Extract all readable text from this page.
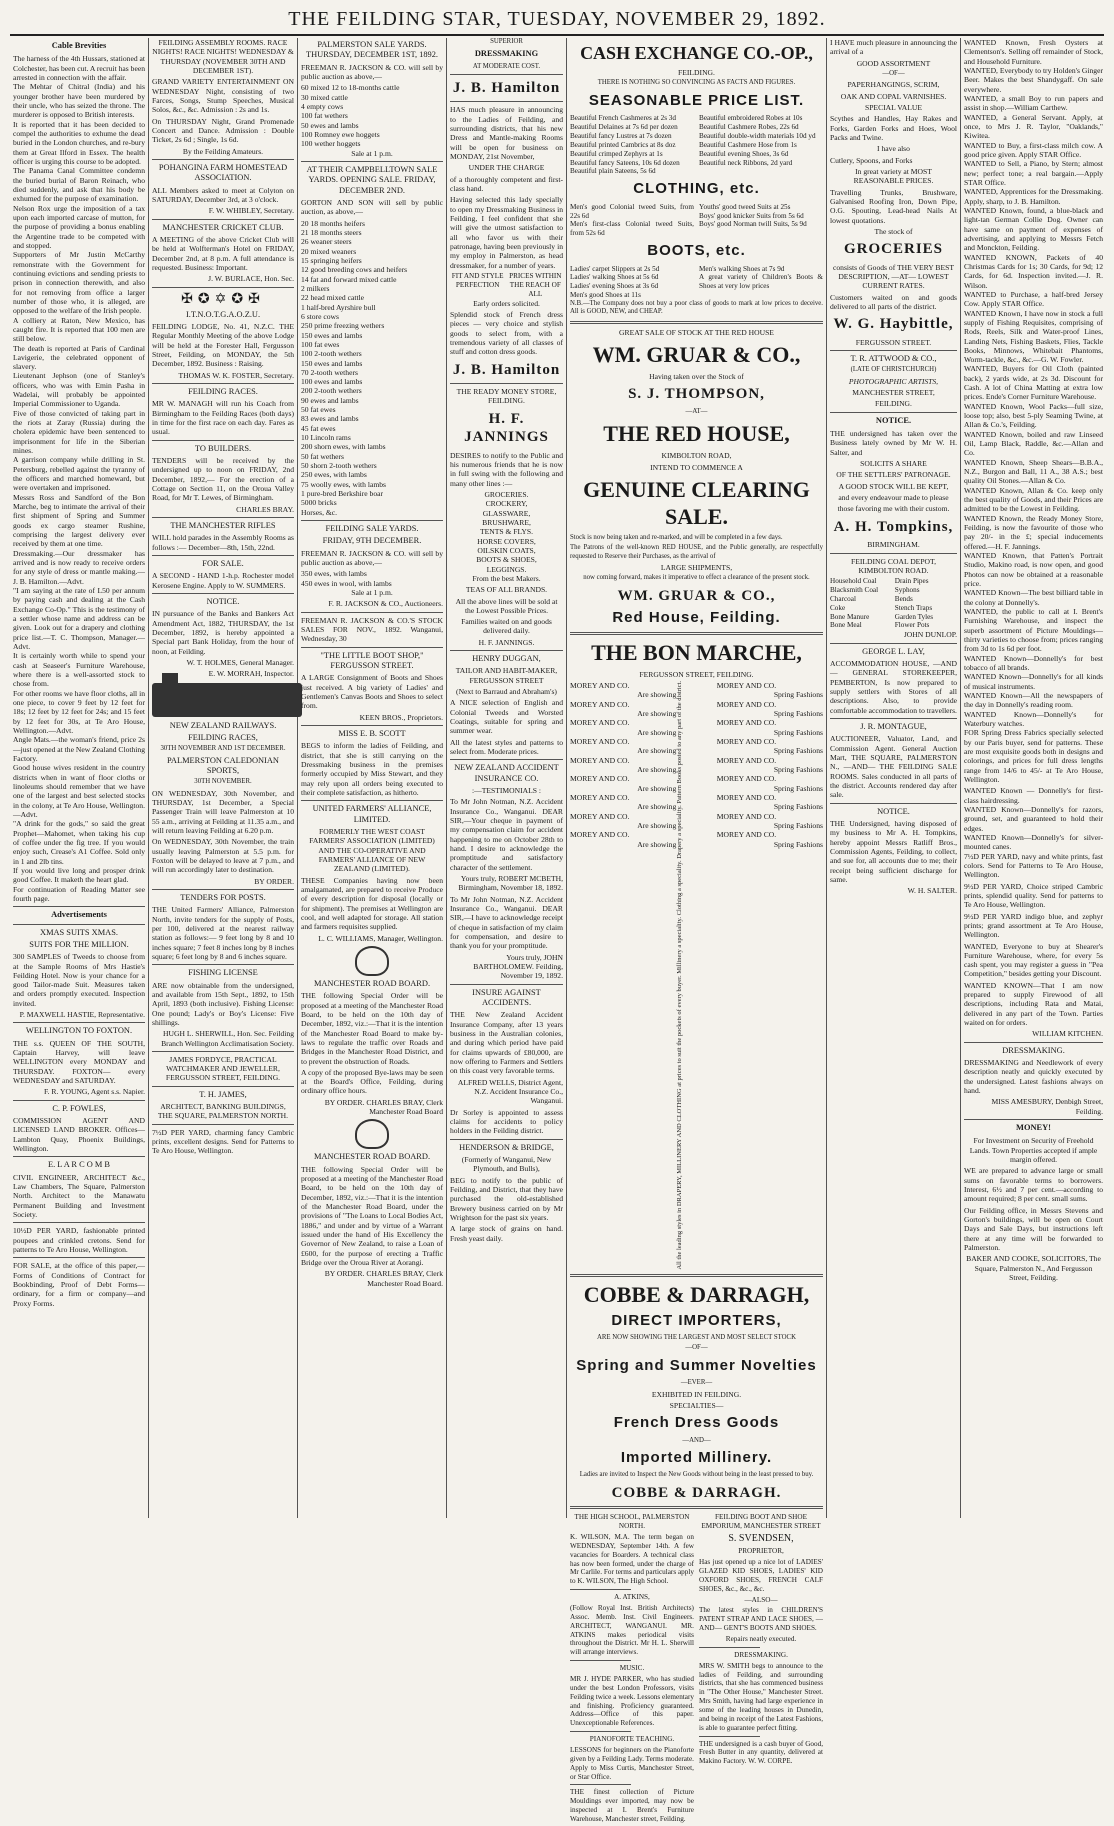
THE FEILDING STAR, TUESDAY, NOVEMBER 29, 1892.
Cable Brevities

The harness of the 4th Hussars, stationed at Colchester, has been cut. A recruit has been arrested in connection with the affair.

The Mehtar of Chitral (India) and his younger brother have been murdered by their uncle, who has seized the throne. The murderer is opposed to British interests.

It is reported that it has been decided to compel the authorities to exhume the dead buried in the London churches, and re-bury them at Great Ilford in Essex. The health officer is urging this course to be adopted.

The Panama Canal Committee condemn the buried burial of Baron Reinach, who died suddenly, and ask that his body be exhumed for the purpose of examination.

Nelson Rox urge the imposition of a tax upon each imported carcase of mutton, for the purpose of providing a bonus enabling the Argentine trade to be competed with and stopped.

Supporters of Mr Justin McCarthy remonstrate with the Government for continuing evictions and sending priests to prison in connection therewith, and also for not removing from office a larger number of those who, it is alleged, are opposed to the welfare of the Irish people.

A colliery at Raton, New Mexico, has caught fire. It is reported that 100 men are still below.

The death is reported at Paris of Cardinal Lavigerie, the celebrated opponent of slavery.

Lieutenant Jephson (one of Stanley's officers, who was with Emin Pasha in Wadelai, will probably be appointed Imperial Commissioner to Uganda.

Five of those convicted of taking part in the riots at Zaray (Russia) during the cholera epidemic have been sentenced to imprisonment for life in the Siberian mines.

A garrison company while drilling in St. Petersburg, rebelled against the tyranny of the officers and marched homeward, but were overtaken and imprisoned.

Messrs Ross and Sandford of the Bon Marche, beg to intimate the arrival of their first shipment of Spring and Summer goods ex cargo steamer Rushine, comprising the largest delivery ever received by them at one time.

Dressmaking.—Our dressmaker has arrived and is now ready to receive orders for any style of dress or mantle making.—J. B. Hamilton.—Advt.

"I am saying at the rate of L50 per annum by paying cash and dealing at the Cash Exchange Co-Op." This is the testimony of a settler whose name and address can be given. Look out for a drapery and clothing price list.—T. C. Thompson, Manager.—Advt.

It is certainly worth while to spend your cash at Seaseer's Furniture Warehouse, where there is a well-assorted stock to chose from.

For other rooms we have floor cloths, all in one piece, to cover 9 feet by 12 feet for 18s; 12 feet by 12 feet for 24s; and 15 feet by 12 feet for 30s, at Te Aro House, Wellington.—Advt.

Angle Mats.—the woman's friend, price 2s—just opened at the New Zealand Clothing Factory.

Good house wives resident in the country districts when in want of floor cloths or linoleums should remember that we have one of the largest and best selected stocks in the colony, at Te Aro House, Wellington.—Advt.

"A drink for the gods," so said the great Prophet—Mahomet, when taking his cup of coffee under the fig tree. If you would enjoy such, Crease's A1 Coffee. Sold only in 1 and 2lb tins.

If you would live long and prosper drink good Coffee. It maketh the heart glad.

For continuation of Reading Matter see fourth page.

Advertisements
XMAS SUITS XMAS.
SUITS FOR THE MILLION.

300 SAMPLES of Tweeds to choose from at the Sample Rooms of Mrs Hastie's Feilding Hotel. Now is your chance for a good Tailor-made Suit. Measures taken and orders promptly executed. Inspection invited.

P. MAXWELL HASTIE, Representative.

WELLINGTON TO FOXTON.

THE s.s. QUEEN OF THE SOUTH, Captain Harvey, will leave WELLINGTON every MONDAY and THURSDAY. FOXTON— every WEDNESDAY and SATURDAY.

F. R. YOUNG, Agent s.s. Napier.

C. P. FOWLES,

COMMISSION AGENT AND LICENSED LAND BROKER. Offices—Lambton Quay, Phoenix Buildings, Wellington.

E. L A R C O M B

CIVIL ENGINEER, ARCHITECT &c., Law Chambers, The Square, Palmerston North. Architect to the Manawatu Permanent Building and Investment Society.

10½D PER YARD, fashionable printed poupees and crinkled cretons. Send for patterns to Te Aro House, Wellington.

FOR SALE, at the office of this paper,—Forms of Conditions of Contract for Bookbinding, Proof of Debt Forms—ordinary, for a firm or company—and Proxy Forms.

FEILDING ASSEMBLY ROOMS. RACE NIGHTS! RACE NIGHTS! WEDNESDAY & THURSDAY (NOVEMBER 30TH AND DECEMBER 1ST).

GRAND VARIETY ENTERTAINMENT ON WEDNESDAY Night, consisting of two Farces, Songs, Stump Speeches, Musical Solos, &c., &c. Admission : 2s and 1s.

On THURSDAY Night, Grand Promenade Concert and Dance. Admission : Double Ticket, 2s 6d ; Single, 1s 6d.

By the Feilding Amateurs.

POHANGINA FARM HOMESTEAD ASSOCIATION.

ALL Members asked to meet at Colyton on SATURDAY, December 3rd, at 3 o'clock.

F. W. WHIBLEY, Secretary.

MANCHESTER CRICKET CLUB.

A MEETING of the above Cricket Club will be held at Wolfterman's Hotel on FRIDAY, December 2nd, at 8 p.m. A full attendance is requested. Business: Important.

J. W. BURLACE, Hon. Sec.

✠✪✡✪✠
I.T.N.O.T.G.A.O.Z.U.

FEILDING LODGE, No. 41, N.Z.C. THE Regular Monthly Meeting of the above Lodge will be held at the Forester Hall, Fergusson Street, Feilding, on MONDAY, the 5th December, 1892. Business : Raising.

THOMAS W. K. FOSTER, Secretary.

FEILDING RACES.

MR W. MANAGH will run his Coach from Birmingham to the Feilding Races (both days) in time for the first race on each day. Fares as usual.

TO BUILDERS.

TENDERS will be received by the undersigned up to noon on FRIDAY, 2nd December, 1892,— For the erection of a Cottage on Section 11, on the Oroua Valley Road, for Mr T. Lewes, of Birmingham.

CHARLES BRAY.

THE MANCHESTER RIFLES

WILL hold parades in the Assembly Rooms as follows :— December—8th, 15th, 22nd.

FOR SALE.

A SECOND - HAND 1-h.p. Rochester model Kerosene Engine. Apply to W. SUMMERS.

NOTICE.

IN pursuance of the Banks and Bankers Act Amendment Act, 1882, THURSDAY, the 1st December, 1892, is hereby appointed a Special part Bank Holiday, from the hour of noon, at Feilding.

W. T. HOLMES, General Manager.

E. W. MORRAH, Inspector.

NEW ZEALAND RAILWAYS.
FEILDING RACES,

30TH NOVEMBER AND 1ST DECEMBER.

PALMERSTON CALEDONIAN SPORTS,

30TH NOVEMBER.

ON WEDNESDAY, 30th November, and THURSDAY, 1st December, a Special Passenger Train will leave Palmerston at 10 55 a.m., arriving at Feilding at 11.35 a.m., and will return leaving Feilding at 6.20 p.m.

On WEDNESDAY, 30th November, the train usually leaving Palmerston at 5.5 p.m. for Foxton will be delayed to leave at 7 p.m., and will run accordingly later to destination.

BY ORDER.

TENDERS FOR POSTS.

THE United Farmers' Alliance, Palmerston North, invite tenders for the supply of Posts, per 100, delivered at the nearest railway station as follows:— 9 feet long by 8 and 10 inches square; 7 feet 8 inches long by 8 inches square; 6 feet long by 8 and 6 inches square.

FISHING LICENSE

ARE now obtainable from the undersigned, and available from 15th Sept., 1892, to 15th April, 1893 (both inclusive). Fishing License: One pound; Lady's or Boy's License: Five shillings.

HUGH L. SHERWILL, Hon. Sec. Feilding Branch Wellington Acclimatisation Society.

JAMES FORDYCE, PRACTICAL WATCHMAKER AND JEWELLER, FERGUSSON STREET, FEILDING.

T. H. JAMES,

ARCHITECT, BANKING BUILDINGS, THE SQUARE, PALMERSTON NORTH.

7½D PER YARD, charming fancy Cambric prints, excellent designs. Send for Patterns to Te Aro House, Wellington.

PALMERSTON SALE YARDS. THURSDAY, DECEMBER 1ST, 1892.

FREEMAN R. JACKSON & CO. will sell by public auction as above,—

60 mixed 12 to 18-months cattle

30 mixed cattle

4 empty cows

100 fat wethers

50 ewes and lambs

100 Romney ewe hoggets

100 wether hoggets

Sale at 1 p.m.

AT THEIR CAMPBELLTOWN SALE YARDS. OPENING SALE. FRIDAY, DECEMBER 2ND.

GORTON AND SON will sell by public auction, as above,—

20 18 months heifers

21 18 months steers

26 weaner steers

20 mixed weaners

15 springing heifers

12 good breeding cows and heifers

14 fat and forward mixed cattle

2 milkers

22 head mixed cattle

1 half-bred Ayrshire bull

6 store cows

250 prime freezing wethers

150 ewes and lambs

100 fat ewes

100 2-tooth wethers

150 ewes and lambs

70 2-tooth wethers

100 ewes and lambs

200 2-tooth wethers

90 ewes and lambs

50 fat ewes

83 ewes and lambs

45 fat ewes

10 Lincoln rams

200 shorn ewes, with lambs

50 fat wethers

50 shorn 2-tooth wethers

250 ewes, with lambs

75 woolly ewes, with lambs

1 pure-bred Berkshire boar

5000 bricks

Horses, &c.

FEILDING SALE YARDS.
FRIDAY, 9TH DECEMBER.

FREEMAN R. JACKSON & CO. will sell by public auction as above,—

350 ewes, with lambs

450 ewes in wool, with lambs

Sale at 1 p.m.

F. R. JACKSON & CO., Auctioneers.

FREEMAN R. JACKSON & CO.'S STOCK SALES FOR NOV., 1892. Wanganui, Wednesday, 30

"THE LITTLE BOOT SHOP," FERGUSSON STREET.

A LARGE Consignment of Boots and Shoes just received. A big variety of Ladies' and Gentlemen's Canvas Boots and Shoes to select from.

KEEN BROS., Proprietors.

MISS E. B. SCOTT

BEGS to inform the ladies of Feilding, and district, that she is still carrying on the Dressmaking business in the premises formerly occupied by Miss Stewart, and they may rely upon all orders being executed to their complete satisfaction, as hitherto.

UNITED FARMERS' ALLIANCE, LIMITED.

FORMERLY THE WEST COAST FARMERS' ASSOCIATION (LIMITED) AND THE CO-OPERATIVE AND FARMERS' ALLIANCE OF NEW ZEALAND (LIMITED).

THESE Companies having now been amalgamated, are prepared to receive Produce of every description for disposal (locally or for shipment). The premises at Wellington are cool, and well adapted for storage. All station and farmers requisites supplied.

L. C. WILLIAMS, Manager, Wellington.

MANCHESTER ROAD BOARD.

THE following Special Order will be proposed at a meeting of the Manchester Road Board, to be held on the 10th day of December, 1892, viz.:—That it is the intention of the Manchester Road Board to make by-laws to regulate the traffic over Roads and Bridges in the Manchester Road District, and to prevent the obstruction of Roads.

A copy of the proposed Bye-laws may be seen at the Board's Office, Feilding, during ordinary office hours.

BY ORDER. CHARLES BRAY, Clerk Manchester Road Board

MANCHESTER ROAD BOARD.

THE following Special Order will be proposed at a meeting of the Manchester Road Board, to be held on the 10th day of December, 1892, viz.:—That it is the intention of the Manchester Road Board, under the provisions of "The Loans to Local Bodies Act, 1886," and under and by virtue of a Warrant issued under the hand of His Excellency the Governor of New Zealand, to raise a Loan of £600, for the purpose of erecting a Traffic Bridge over the Oroua River at Aorangi.

BY ORDER. CHARLES BRAY, Clerk Manchester Road Board.

SUPERIOR

DRESSMAKING

AT MODERATE COST.

J. B. Hamilton

HAS much pleasure in announcing to the Ladies of Feilding, and surrounding districts, that his new Dress and Mantle-making Rooms will be open for business on MONDAY, 21st November,

UNDER THE CHARGE

of a thoroughly competent and first-class hand.

Having selected this lady specially to open my Dressmaking Business in Feilding, I feel confident that she will give the utmost satisfaction to all who favor us with their patronage, having been previously in my employ in Palmerston, as head dressmaker, for a number of years.

FIT AND STYLE PERFECTION
PRICES WITHIN THE REACH OF ALL

Early orders solicited.

Splendid stock of French dress pieces — very choice and stylish goods to select from, with a tremendous variety of all classes of stuff and cotton dress goods.

J. B. Hamilton

THE READY MONEY STORE, FEILDING.

H. F. JANNINGS

DESIRES to notify to the Public and his numerous friends that he is now in full swing with the following and many other lines :—

GROCERIES.

CROCKERY,

GLASSWARE,

BRUSHWARE,

TENTS & FLYS.

HORSE COVERS,

OILSKIN COATS,

BOOTS & SHOES,

LEGGINGS.

From the best Makers.

TEAS OF ALL BRANDS.

All the above lines will be sold at the Lowest Possible Prices.

Families waited on and goods delivered daily.

H. F. JANNINGS.

HENRY DUGGAN,

TAILOR AND HABIT-MAKER, FERGUSSON STREET

(Next to Barraud and Abraham's)

A NICE selection of English and Colonial Tweeds and Worsted Coatings, suitable for spring and summer wear.

All the latest styles and patterns to select from. Moderate prices.

NEW ZEALAND ACCIDENT INSURANCE CO.

:—TESTIMONIALS :

To Mr John Notman, N.Z. Accident Insurance Co., Wanganui. DEAR SIR,—Your cheque in payment of my compensation claim for accident happening to me on October 28th to hand. I desire to acknowledge the promptitude and satisfactory character of the settlement.

Yours truly, ROBERT MCBETH, Birmingham, November 18, 1892.

To Mr John Notman, N.Z. Accident Insurance Co., Wanganui. DEAR SIR,—I have to acknowledge receipt of cheque in satisfaction of my claim for compensation, and desire to thank you for your promptitude.

Yours truly, JOHN BARTHOLOMEW. Feilding, November 19, 1892.

INSURE AGAINST ACCIDENTS.

THE New Zealand Accident Insurance Company, after 13 years business in the Australian colonies, and during which period have paid for claims upwards of £80,000, are now offering to Farmers and Settlers on this coast very favorable terms.

ALFRED WELLS, District Agent, N.Z. Accident Insurance Co., Wanganui.

Dr Sorley is appointed to assess claims for accidents to policy holders in the Feilding district.

HENDERSON & BRIDGE,

(Formerly of Wanganui, New Plymouth, and Bulls),

BEG to notify to the public of Feilding, and District, that they have purchased the old-established Brewery business carried on by Mr Wrightson for the past six years.

A large stock of grains on hand. Fresh yeast daily.

CASH EXCHANGE CO.-OP.,

FEILDING.

THERE IS NOTHING SO CONVINCING AS FACTS AND FIGURES.

SEASONABLE PRICE LIST.

Beautiful French Cashmeres at 2s 3d

Beautiful Delaines at 7s 6d per dozen

Beautiful fancy Lustres at 7s dozen

Beautiful printed Cambrics at 8s doz

Beautiful crimped Zephyrs at 1s

Beautiful fancy Sateens, 10s 6d dozen

Beautiful plain Sateens, 5s 6d

Beautiful embroidered Robes at 10s

Beautiful Cashmere Robes, 22s 6d

Beautiful double-width materials 10d yd

Beautiful Cashmere Hose from 1s

Beautiful evening Shoes, 3s 6d

Beautiful neck Ribbons, 2d yard

CLOTHING, etc.

Men's good Colonial tweed Suits, from 22s 6d

Men's first-class Colonial tweed Suits, from 52s 6d

Youths' good tweed Suits at 25s

Boys' good knicker Suits from 5s 6d

Boys' good Norman twill Suits, 5s 9d

BOOTS, etc.

Ladies' carpet Slippers at 2s 5d

Ladies' walking Shoes at 5s 6d

Ladies' evening Shoes at 3s 6d

Men's good Shoes at 11s

Men's walking Shoes at 7s 9d

A great variety of Children's Boots & Shoes at very low prices

N.B.—The Company does not buy a poor class of goods to mark at low prices to deceive. All is GOOD, NEW, and CHEAP.

GREAT SALE OF STOCK AT THE RED HOUSE

WM. GRUAR & CO.,

Having taken over the Stock of

S. J. THOMPSON,

—AT—

THE RED HOUSE,

KIMBOLTON ROAD,

INTEND TO COMMENCE A

GENUINE CLEARING SALE.

Stock is now being taken and re-marked, and will be completed in a few days.

The Patrons of the well-known RED HOUSE, and the Public generally, are respectfully requested to Reserve their Purchases, as the arrival of

LARGE SHIPMENTS,

now coming forward, makes it imperative to effect a clearance of the present stock.

WM. GRUAR & CO.,
Red House, Feilding.
THE BON MARCHE,

FERGUSSON STREET, FEILDING.

MOREY AND CO.

Are showing

MOREY AND CO.

Are showing

MOREY AND CO.

Are showing

MOREY AND CO.

Are showing

MOREY AND CO.

Are showing

MOREY AND CO.

Are showing

MOREY AND CO.

Are showing

MOREY AND CO.

Are showing

MOREY AND CO.

Are showing All the leading styles in DRAPERY, MILLINERY AND CLOTHING at prices to suit the pockets of every buyer. Millinery a speciality. Clothing a speciality. Drapery a speciality. Pattern Books posted to any part of the district.	MOREY AND CO.

Spring Fashions

MOREY AND CO.

Spring Fashions

MOREY AND CO.

Spring Fashions

MOREY AND CO.

Spring Fashions

MOREY AND CO.

Spring Fashions

MOREY AND CO.

Spring Fashions

MOREY AND CO.

Spring Fashions

MOREY AND CO.

Spring Fashions

MOREY AND CO.

Spring Fashions

COBBE & DARRAGH,
DIRECT IMPORTERS,

ARE NOW SHOWING THE LARGEST AND MOST SELECT STOCK

—OF—

Spring and Summer Novelties

—EVER—

EXHIBITED IN FEILDING.

SPECIALTIES—

French Dress Goods

—AND—

Imported Millinery.

Ladies are invited to Inspect the New Goods without being in the least pressed to buy.

COBBE & DARRAGH.

THE HIGH SCHOOL, PALMERSTON NORTH.

K. WILSON, M.A. The term began on WEDNESDAY, September 14th. A few vacancies for Boarders. A technical class has now been formed, under the charge of Mr Carlile. For terms and particulars apply to K. WILSON, The High School.

A. ATKINS,

(Follow Royal Inst. British Architects) Assoc. Memb. Inst. Civil Engineers. ARCHITECT, WANGANUI. MR. ATKINS makes periodical visits throughout the District. Mr H. L. Sherwill will arrange interviews.

MUSIC.

MR J. HYDE PARKER, who has studied under the best London Professors, visits Feilding twice a week. Lessons elementary and finishing. Proficiency guaranteed. Address—Office of this paper. Unexceptionable References.

PIANOFORTE TEACHING.

LESSONS for beginners on the Pianoforte given by a Feilding Lady. Terms moderate. Apply to Miss Curtis, Manchester Street, or Star Office.

THE finest collection of Picture Mouldings ever imported, may now be inspected at I. Brent's Furniture Warehouse, Manchester street, Feilding.

FEILDING BOOT AND SHOE EMPORIUM, MANCHESTER STREET

S. SVENDSEN,

PROPRIETOR,

Has just opened up a nice lot of LADIES' GLAZED KID SHOES, LADIES' KID OXFORD SHOES, FRENCH CALF SHOES, &c., &c., &c.

—ALSO—

The latest styles in CHILDREN'S PATENT STRAP AND LACE SHOES, —AND— GENT'S BOOTS AND SHOES.

Repairs neatly executed.

DRESSMAKING.

MRS W. SMITH begs to announce to the ladies of Feilding, and surrounding districts, that she has commenced business in "The Other House," Manchester Street. Mrs Smith, having had large experience in some of the leading houses in Dunedin, and being in receipt of the Latest Fashions, is able to guarantee perfect fitting.

THE undersigned is a cash buyer of Good, Fresh Butter in any quantity, delivered at Makino Factory. W. W. CORPE.

I HAVE much pleasure in announcing the arrival of a

GOOD ASSORTMENT

—OF—

PAPERHANGINGS, SCRIM,

OAK AND COPAL VARNISHES.

SPECIAL VALUE

Scythes and Handles, Hay Rakes and Forks, Garden Forks and Hoes, Wool Packs and Twine.

I have also

Cutlery, Spoons, and Forks

In great variety at MOST REASONABLE PRICES.

Travelling Trunks, Brushware, Galvanised Roofing Iron, Down Pipe, O.G. Spouting, Lead-head Nails At lowest quotations.

The stock of

GROCERIES

consists of Goods of THE VERY BEST DESCRIPTION, —AT— LOWEST CURRENT RATES.

Customers waited on and goods delivered to all parts of the district.

W. G. Haybittle,

FERGUSSON STREET.

T. R. ATTWOOD & CO.,

(LATE OF CHRISTCHURCH)

PHOTOGRAPHIC ARTISTS,

MANCHESTER STREET,

FEILDING.

NOTICE.

THE undersigned has taken over the Business lately owned by Mr W. H. Salter, and

SOLICITS A SHARE

OF THE SETTLERS' PATRONAGE.

A GOOD STOCK WILL BE KEPT,

and every endeavour made to please

those favoring me with their custom.

A. H. Tompkins,

BIRMINGHAM.

FEILDING COAL DEPOT, KIMBOLTON ROAD.

Household Coal

Blacksmith Coal

Charcoal

Coke

Bone Manure

Bone Meal

Drain Pipes

Syphons

Bends

Stench Traps

Garden Tyles

Flower Pots

JOHN DUNLOP.

GEORGE L. LAY,

ACCOMMODATION HOUSE, —AND— GENERAL STOREKEEPER, PEMBERTON, Is now prepared to supply settlers with Stores of all descriptions. Also, to provide comfortable accommodation to travellers.

J. R. MONTAGUE,

AUCTIONEER, Valuator, Land, and Commission Agent. General Auction Mart, THE SQUARE, PALMERSTON N., —AND— THE FEILDING SALE ROOMS. Sales conducted in all parts of the district. Accounts rendered day after sale.

NOTICE.

THE Undersigned, having disposed of my business to Mr A. H. Tompkins, hereby appoint Messrs Ratliff Bros., Commission Agents, Feilding, to collect, and sue for, all accounts due to me; their receipt being sufficient discharge for same.

W. H. SALTER.

WANTED Known, Fresh Oysters at Clementson's. Selling off remainder of Stock, and Household Furniture.

WANTED, Everybody to try Holden's Ginger Beer. Makes the best Shandygaff. On sale everywhere.

WANTED, a small Boy to run papers and assist in shop.—William Carthew.

WANTED, a General Servant. Apply, at once, to Mrs J. R. Taylor, "Oaklands," Kiwitea.

WANTED to Buy, a first-class milch cow. A good price given. Apply STAR Office.

WANTED to Sell, a Piano, by Stern; almost new; perfect tone; a real bargain.—Apply STAR Office.

WANTED, Apprentices for the Dressmaking. Apply, sharp, to J. B. Hamilton.

WANTED Known, found, a blue-black and light-tan German Collie Dog. Owner can have same on payment of expenses of advertising, and applying to Messrs Fetch and Monckton, Feilding.

WANTED KNOWN, Packets of 40 Christmas Cards for 1s; 30 Cards, for 9d; 12 Cards, for 6d. Inspection invited.—J. R. Wilson.

WANTED to Purchase, a half-bred Jersey Cow. Apply STAR Office.

WANTED Known, I have now in stock a full supply of Fishing Requisites, comprising of Rods, Reels, Silk and Water-proof Lines, Landing Nets, Fishing Baskets, Flies, Tackle Books, Minnows, Whitebait Phantoms, Worm-tackle, &c., &c.—G. W. Fowler.

WANTED, Buyers for Oil Cloth (painted back), 2 yards wide, at 2s 3d. Discount for Cash. A lot of China Matting at extra low prices. Ende's Corner Furniture Warehouse.

WANTED Known, Wool Packs—full size, loose top; also, best 5-ply Seaming Twine, at Allan & Co.'s, Feilding.

WANTED Known, boiled and raw Linseed Oil, Lamp Black, Raddle, &c.—Allan and Co.

WANTED Known, Sheep Shears—B.B.A., N.Z., Burgon and Ball, 11 A., 38 A.S.; best quality Oil Stones.—Allan & Co.

WANTED Known, Allan & Co. keep only the best quality of Goods, and their Prices are admitted to be the Lowest in Feilding.

WANTED Known, the Ready Money Store, Feilding, is now the favourite of those who pay 20/- in the £; special inducements offered.—H. F. Jannings.

WANTED Known, that Patten's Portrait Studio, Makino road, is now open, and good Photos can now be obtained at a reasonable price.

WANTED Known—The best billiard table in the colony at Donnelly's.

WANTED, the public to call at I. Brent's Furnishing Warehouse, and inspect the superb assortment of Picture Mouldings—thirty varieties to choose from; prices ranging from 3d to 1s 6d per foot.

WANTED Known—Donnelly's for best tobacco of all brands.

WANTED Known—Donnelly's for all kinds of musical instruments.

WANTED Known—All the newspapers of the day in Donnelly's reading room.

WANTED Known—Donnelly's for Waterbury watches.

FOR Spring Dress Fabrics specially selected by our Paris buyer, send for patterns. These are most exquisite goods both in designs and colorings, and prices for full dress lengths range from 14/6 to 45/- at Te Aro House, Wellington.

WANTED Known — Donnelly's for first-class hairdressing.

WANTED Known—Donnelly's for razors, ground, set, and guaranteed to hold their edges.

WANTED Known—Donnelly's for silver-mounted canes.

7½D PER YARD, navy and white prints, fast colors. Send for Patterns to Te Aro House, Wellington.

9½D PER YARD, Choice striped Cambric prints, splendid quality. Send for patterns to Te Aro House, Wellington.

9½D PER YARD indigo blue, and zephyr prints; grand assortment at Te Aro House, Wellington.

WANTED, Everyone to buy at Shearer's Furniture Warehouse, where, for every 5s cash spent, you may register a guess in "Pea Competition," besides getting your Discount.

WANTED KNOWN—That I am now prepared to supply Firewood of all descriptions, including Rata and Matai, delivered in any part of the Town. Parties waited on for orders.

WILLIAM KITCHEN.

DRESSMAKING.

DRESSMAKING and Needlework of every description neatly and quickly executed by the undersigned. Latest fashions always on hand.

MISS AMESBURY, Denbigh Street, Feilding.

MONEY!

For Investment on Security of Freehold Lands. Town Properties accepted if ample margin offered.

WE are prepared to advance large or small sums on favorable terms to borrowers. Interest, 6½ and 7 per cent.—according to amount required; 8 per cent. small sums.

Our Feilding office, in Messrs Stevens and Gorton's buildings, will be open on Court Days and Sale Days, but instructions left there at any time will be forwarded to Palmerston.

BAKER AND COOKE, SOLICITORS, The Square, Palmerston N., And Fergusson Street, Feilding.
